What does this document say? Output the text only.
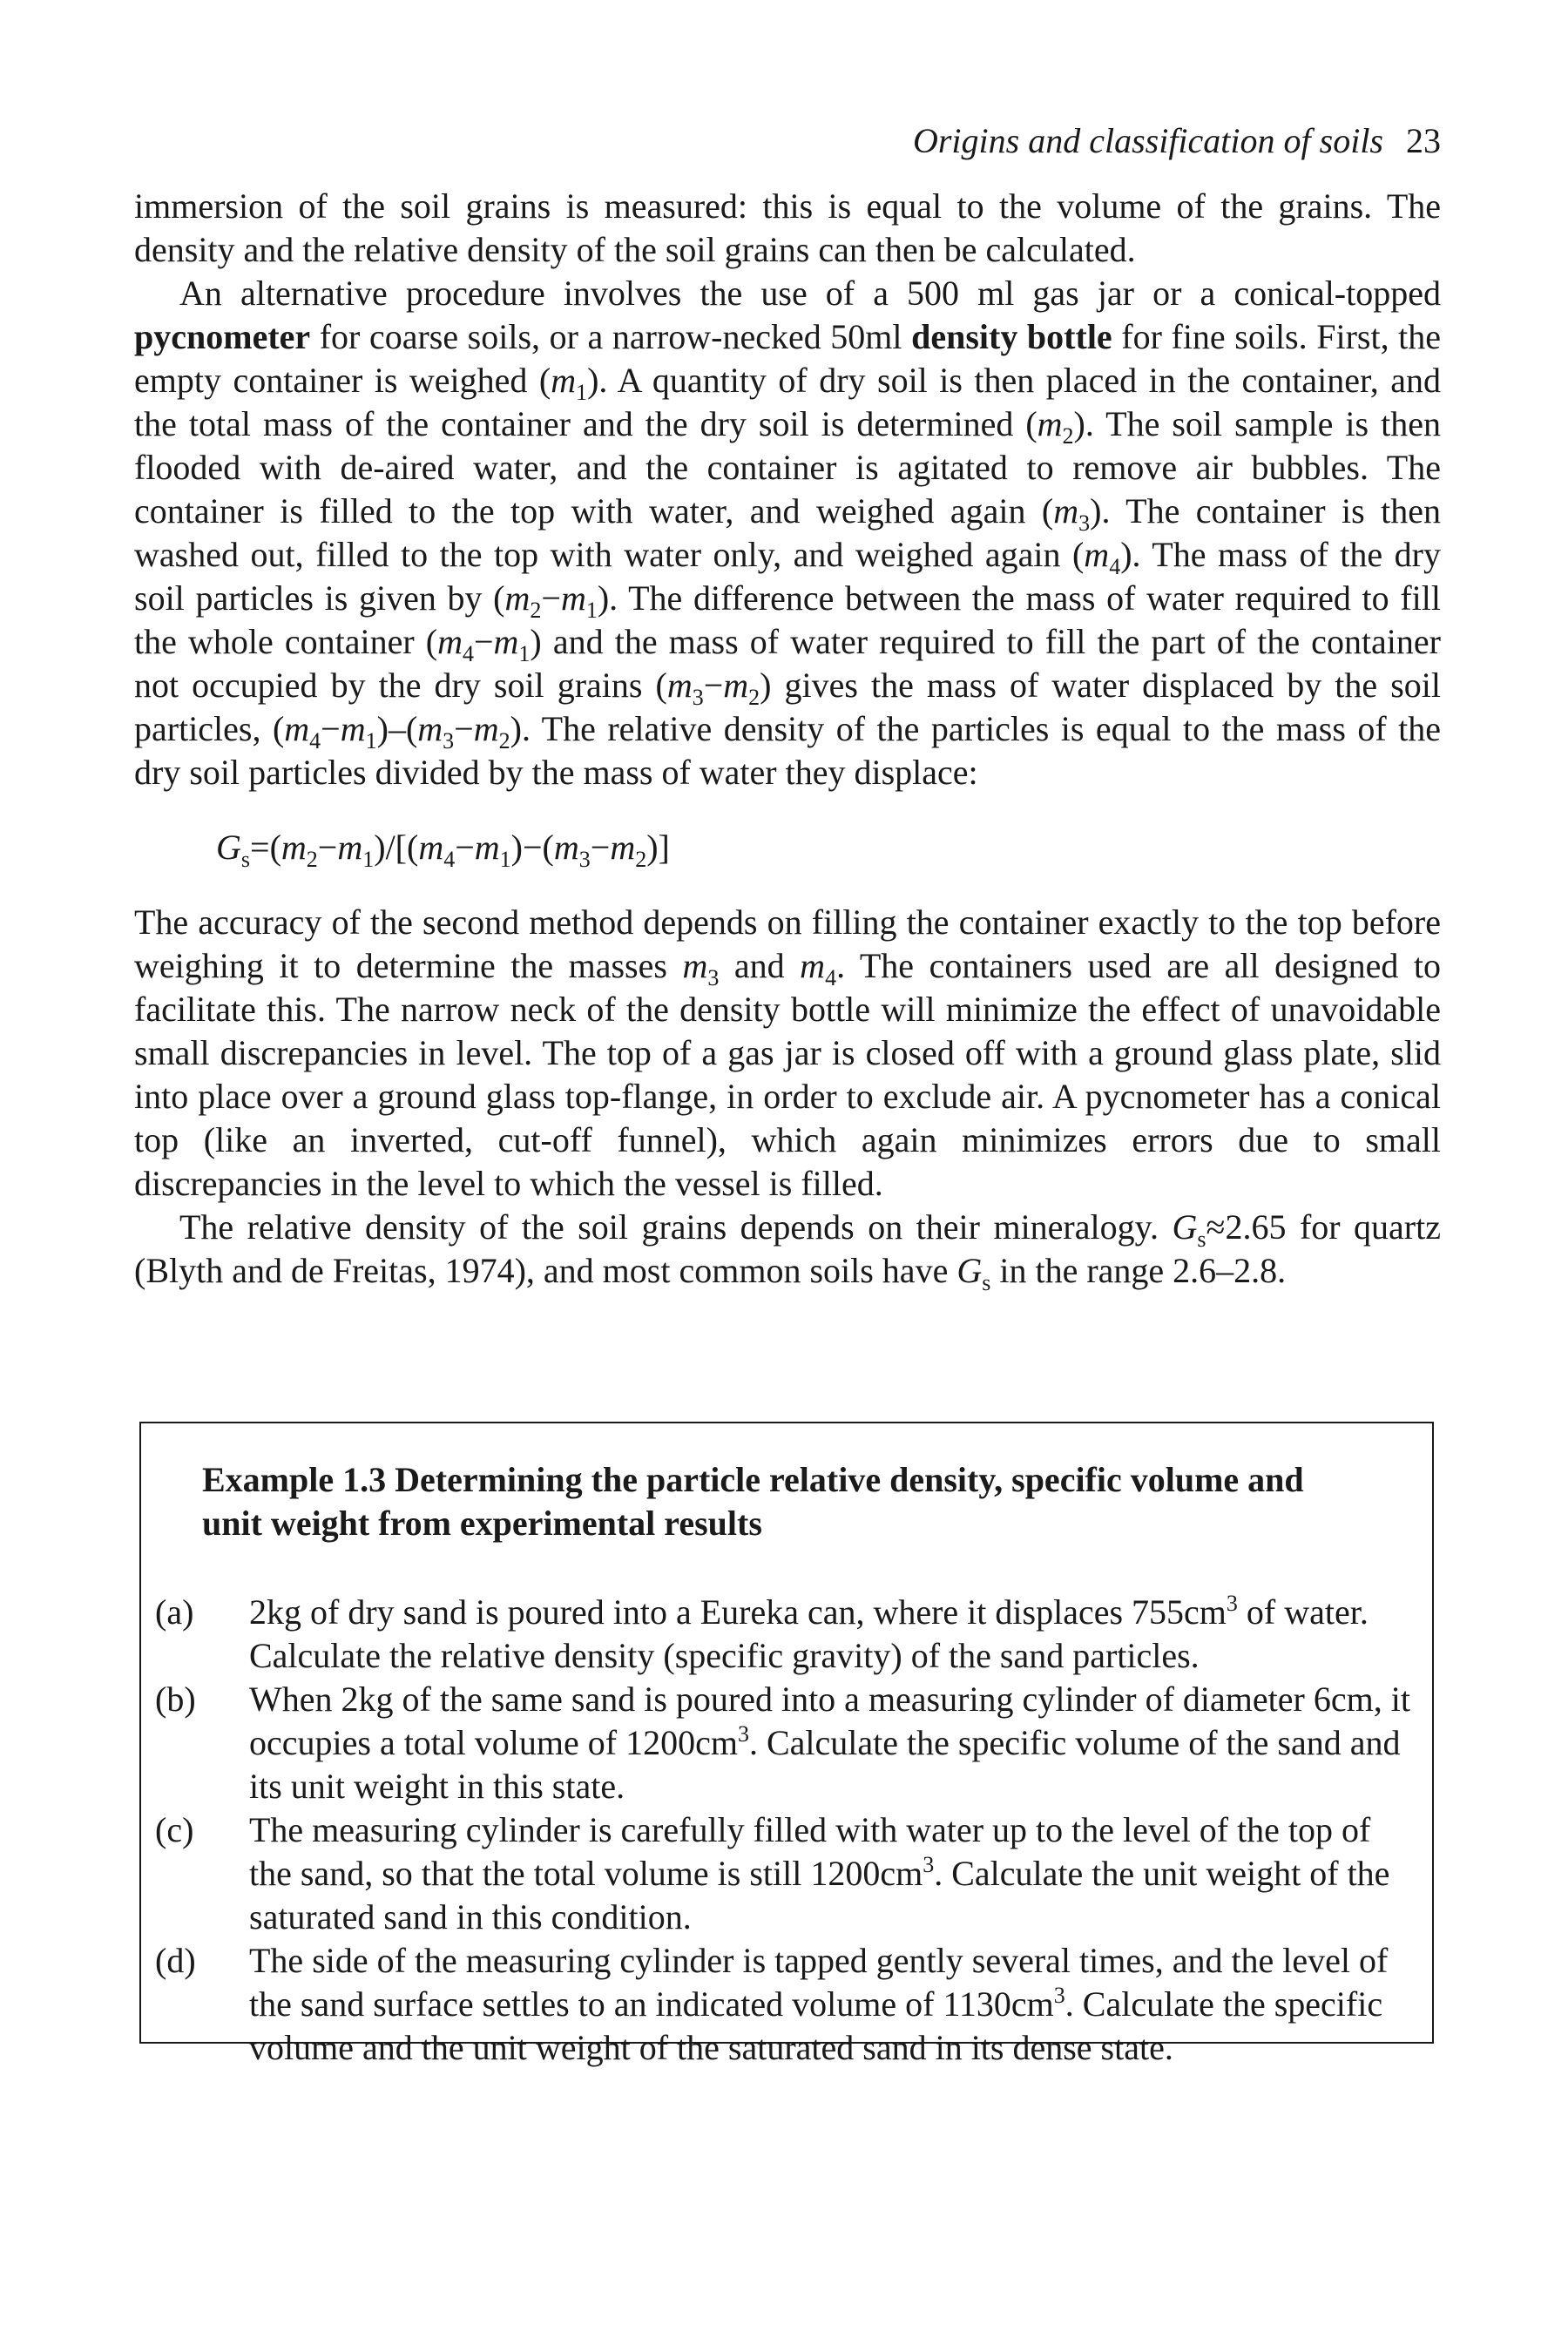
Origins and classification of soils 23

immersion of the soil grains is measured: this is equal to the volume of the grains. The density and the relative density of the soil grains can then be calculated.

An alternative procedure involves the use of a 500 ml gas jar or a conical-topped pycnometer for coarse soils, or a narrow-necked 50ml density bottle for fine soils. First, the empty container is weighed $(m_1)$. A quantity of dry soil is then placed in the container, and the total mass of the container and the dry soil is determined $(m_2)$. The soil sample is then flooded with de-aired water, and the container is agitated to remove air bubbles. The container is filled to the top with water, and weighed again $(m_3)$. The container is then washed out, filled to the top with water only, and weighed again $(m_4)$. The mass of the dry soil particles is given by $(m_2-m_1)$. The difference between the mass of water required to fill the whole container $(m_4-m_1)$ and the mass of water required to fill the part of the container not occupied by the dry soil grains $(m_3-m_2)$ gives the mass of water displaced by the soil particles, $(m_4-m_1)-(m_3-m_2)$. The relative density of the particles is equal to the mass of the dry soil particles divided by the mass of water they displace:

$G_s=(m_2-m_1)/[(m_4-m_1)-(m_3-m_2)]$

The accuracy of the second method depends on filling the container exactly to the top before weighing it to determine the masses $m_3$ and $m_4$. The containers used are all designed to facilitate this. The narrow neck of the density bottle will minimize the effect of unavoidable small discrepancies in level. The top of a gas jar is closed off with a ground glass plate, slid into place over a ground glass top-flange, in order to exclude air. A pycnometer has a conical top (like an inverted, cut-off funnel), which again minimizes errors due to small discrepancies in the level to which the vessel is filled.

The relative density of the soil grains depends on their mineralogy. $G_s\approx 2.65$ for quartz (Blyth and de Freitas, 1974), and most common soils have $G_s$ in the range 2.6–2.8.

Example 1.3 Determining the particle relative density, specific volume and unit weight from experimental results

(a) 2kg of dry sand is poured into a Eureka can, where it displaces $755cm^3$ of water. Calculate the relative density (specific gravity) of the sand particles.

(b) When 2kg of the same sand is poured into a measuring cylinder of diameter 6cm, it occupies a total volume of $1200cm^3$. Calculate the specific volume of the sand and its unit weight in this state.

(c) The measuring cylinder is carefully filled with water up to the level of the top of the sand, so that the total volume is still $1200cm^3$. Calculate the unit weight of the saturated sand in this condition.

(d) The side of the measuring cylinder is tapped gently several times, and the level of the sand surface settles to an indicated volume of $1130cm^3$. Calculate the specific volume and the unit weight of the saturated sand in its dense state.
